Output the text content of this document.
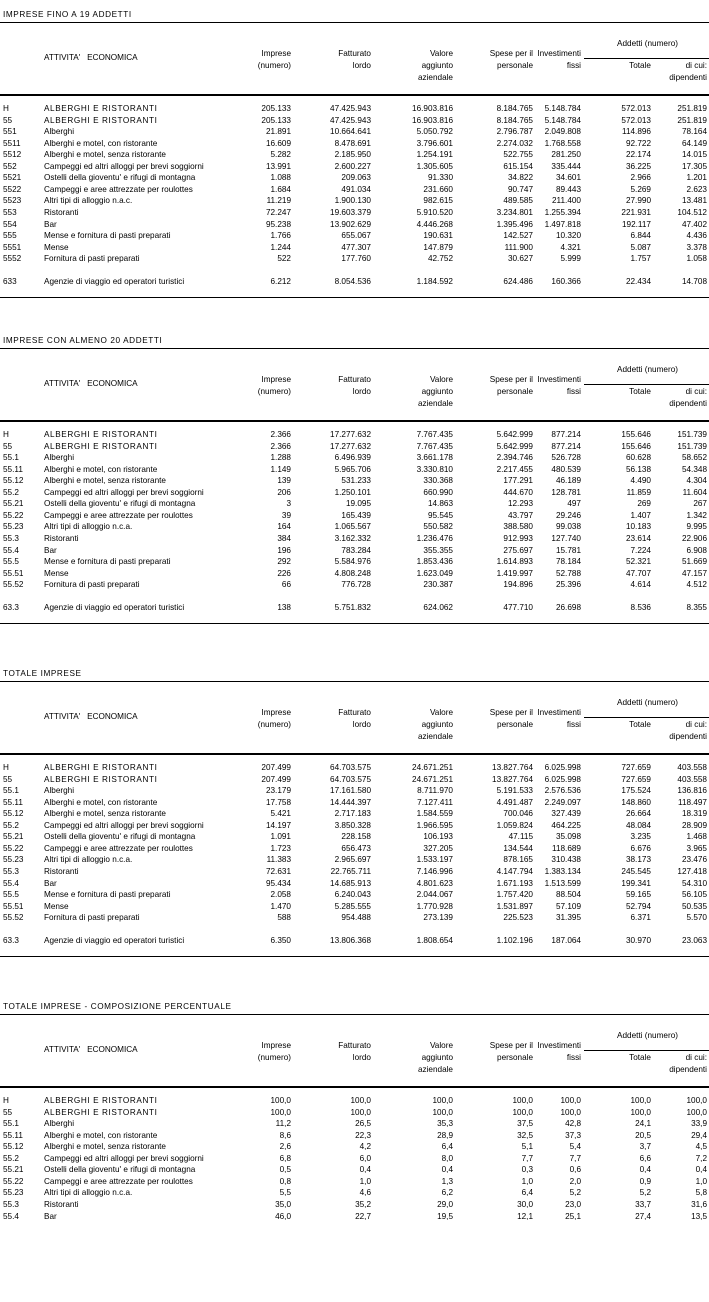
IMPRESE FINO A 19 ADDETTI
ATTIVITA'   ECONOMICA	Imprese
(numero)
Fatturato
lordo
Valore
aggiunto
aziendale
Spese per il
personale
Investimenti
fissi
Addetti (numero)
Totale	di cui:
dipendenti
H	ALBERGHI E RISTORANTI	205.133	47.425.943	16.903.816	8.184.765	5.148.784	572.013	251.819
55	ALBERGHI E RISTORANTI	205.133	47.425.943	16.903.816	8.184.765	5.148.784	572.013	251.819
551	Alberghi	21.891	10.664.641	5.050.792	2.796.787	2.049.808	114.896	78.164
5511	Alberghi e motel, con ristorante	16.609	8.478.691	3.796.601	2.274.032	1.768.558	92.722	64.149
5512	Alberghi e motel, senza ristorante	5.282	2.185.950	1.254.191	522.755	281.250	22.174	14.015
552	Campeggi ed altri alloggi per brevi soggiorni	13.991	2.600.227	1.305.605	615.154	335.444	36.225	17.305
5521	Ostelli della gioventu' e rifugi di montagna	1.088	209.063	91.330	34.822	34.601	2.966	1.201
5522	Campeggi e aree attrezzate per roulottes	1.684	491.034	231.660	90.747	89.443	5.269	2.623
5523	Altri tipi di alloggio n.a.c.	11.219	1.900.130	982.615	489.585	211.400	27.990	13.481
553	Ristoranti	72.247	19.603.379	5.910.520	3.234.801	1.255.394	221.931	104.512
554	Bar	95.238	13.902.629	4.446.268	1.395.496	1.497.818	192.117	47.402
555	Mense e fornitura di pasti preparati	1.766	655.067	190.631	142.527	10.320	6.844	4.436
5551	Mense	1.244	477.307	147.879	111.900	4.321	5.087	3.378
5552	Fornitura di pasti preparati	522	177.760	42.752	30.627	5.999	1.757	1.058
633	Agenzie di viaggio ed operatori turistici	6.212	8.054.536	1.184.592	624.486	160.366	22.434	14.708
IMPRESE CON ALMENO 20 ADDETTI
ATTIVITA'   ECONOMICA	Imprese
(numero)
Fatturato
lordo
Valore
aggiunto
aziendale
Spese per il
personale
Investimenti
fissi
Addetti (numero)
Totale	di cui:
dipendenti
H	ALBERGHI E RISTORANTI	2.366	17.277.632	7.767.435	5.642.999	877.214	155.646	151.739
55	ALBERGHI E RISTORANTI	2.366	17.277.632	7.767.435	5.642.999	877.214	155.646	151.739
55.1	Alberghi	1.288	6.496.939	3.661.178	2.394.746	526.728	60.628	58.652
55.11	Alberghi e motel, con ristorante	1.149	5.965.706	3.330.810	2.217.455	480.539	56.138	54.348
55.12	Alberghi e motel, senza ristorante	139	531.233	330.368	177.291	46.189	4.490	4.304
55.2	Campeggi ed altri alloggi per brevi soggiorni	206	1.250.101	660.990	444.670	128.781	11.859	11.604
55.21	Ostelli della gioventu' e rifugi di montagna	3	19.095	14.863	12.293	497	269	267
55.22	Campeggi e aree attrezzate per roulottes	39	165.439	95.545	43.797	29.246	1.407	1.342
55.23	Altri tipi di alloggio n.c.a.	164	1.065.567	550.582	388.580	99.038	10.183	9.995
55.3	Ristoranti	384	3.162.332	1.236.476	912.993	127.740	23.614	22.906
55.4	Bar	196	783.284	355.355	275.697	15.781	7.224	6.908
55.5	Mense e fornitura di pasti preparati	292	5.584.976	1.853.436	1.614.893	78.184	52.321	51.669
55.51	Mense	226	4.808.248	1.623.049	1.419.997	52.788	47.707	47.157
55.52	Fornitura di pasti preparati	66	776.728	230.387	194.896	25.396	4.614	4.512
63.3	Agenzie di viaggio ed operatori turistici	138	5.751.832	624.062	477.710	26.698	8.536	8.355
TOTALE IMPRESE
ATTIVITA'   ECONOMICA	Imprese
(numero)
Fatturato
lordo
Valore
aggiunto
aziendale
Spese per il
personale
Investimenti
fissi
Addetti (numero)
Totale	di cui:
dipendenti
H	ALBERGHI E RISTORANTI	207.499	64.703.575	24.671.251	13.827.764	6.025.998	727.659	403.558
55	ALBERGHI E RISTORANTI	207.499	64.703.575	24.671.251	13.827.764	6.025.998	727.659	403.558
55.1	Alberghi	23.179	17.161.580	8.711.970	5.191.533	2.576.536	175.524	136.816
55.11	Alberghi e motel, con ristorante	17.758	14.444.397	7.127.411	4.491.487	2.249.097	148.860	118.497
55.12	Alberghi e motel, senza ristorante	5.421	2.717.183	1.584.559	700.046	327.439	26.664	18.319
55.2	Campeggi ed altri alloggi per brevi soggiorni	14.197	3.850.328	1.966.595	1.059.824	464.225	48.084	28.909
55.21	Ostelli della gioventu' e rifugi di montagna	1.091	228.158	106.193	47.115	35.098	3.235	1.468
55.22	Campeggi e aree attrezzate per roulottes	1.723	656.473	327.205	134.544	118.689	6.676	3.965
55.23	Altri tipi di alloggio n.c.a.	11.383	2.965.697	1.533.197	878.165	310.438	38.173	23.476
55.3	Ristoranti	72.631	22.765.711	7.146.996	4.147.794	1.383.134	245.545	127.418
55.4	Bar	95.434	14.685.913	4.801.623	1.671.193	1.513.599	199.341	54.310
55.5	Mense e fornitura di pasti preparati	2.058	6.240.043	2.044.067	1.757.420	88.504	59.165	56.105
55.51	Mense	1.470	5.285.555	1.770.928	1.531.897	57.109	52.794	50.535
55.52	Fornitura di pasti preparati	588	954.488	273.139	225.523	31.395	6.371	5.570
63.3	Agenzie di viaggio ed operatori turistici	6.350	13.806.368	1.808.654	1.102.196	187.064	30.970	23.063
TOTALE IMPRESE - COMPOSIZIONE PERCENTUALE
ATTIVITA'   ECONOMICA	Imprese
(numero)
Fatturato
lordo
Valore
aggiunto
aziendale
Spese per il
personale
Investimenti
fissi
Addetti (numero)
Totale	di cui:
dipendenti
H	ALBERGHI E RISTORANTI	100,0	100,0	100,0	100,0	100,0	100,0	100,0
55	ALBERGHI E RISTORANTI	100,0	100,0	100,0	100,0	100,0	100,0	100,0
55.1	Alberghi	11,2	26,5	35,3	37,5	42,8	24,1	33,9
55.11	Alberghi e motel, con ristorante	8,6	22,3	28,9	32,5	37,3	20,5	29,4
55.12	Alberghi e motel, senza ristorante	2,6	4,2	6,4	5,1	5,4	3,7	4,5
55.2	Campeggi ed altri alloggi per brevi soggiorni	6,8	6,0	8,0	7,7	7,7	6,6	7,2
55.21	Ostelli della gioventu' e rifugi di montagna	0,5	0,4	0,4	0,3	0,6	0,4	0,4
55.22	Campeggi e aree attrezzate per roulottes	0,8	1,0	1,3	1,0	2,0	0,9	1,0
55.23	Altri tipi di alloggio n.c.a.	5,5	4,6	6,2	6,4	5,2	5,2	5,8
55.3	Ristoranti	35,0	35,2	29,0	30,0	23,0	33,7	31,6
55.4	Bar	46,0	22,7	19,5	12,1	25,1	27,4	13,5
